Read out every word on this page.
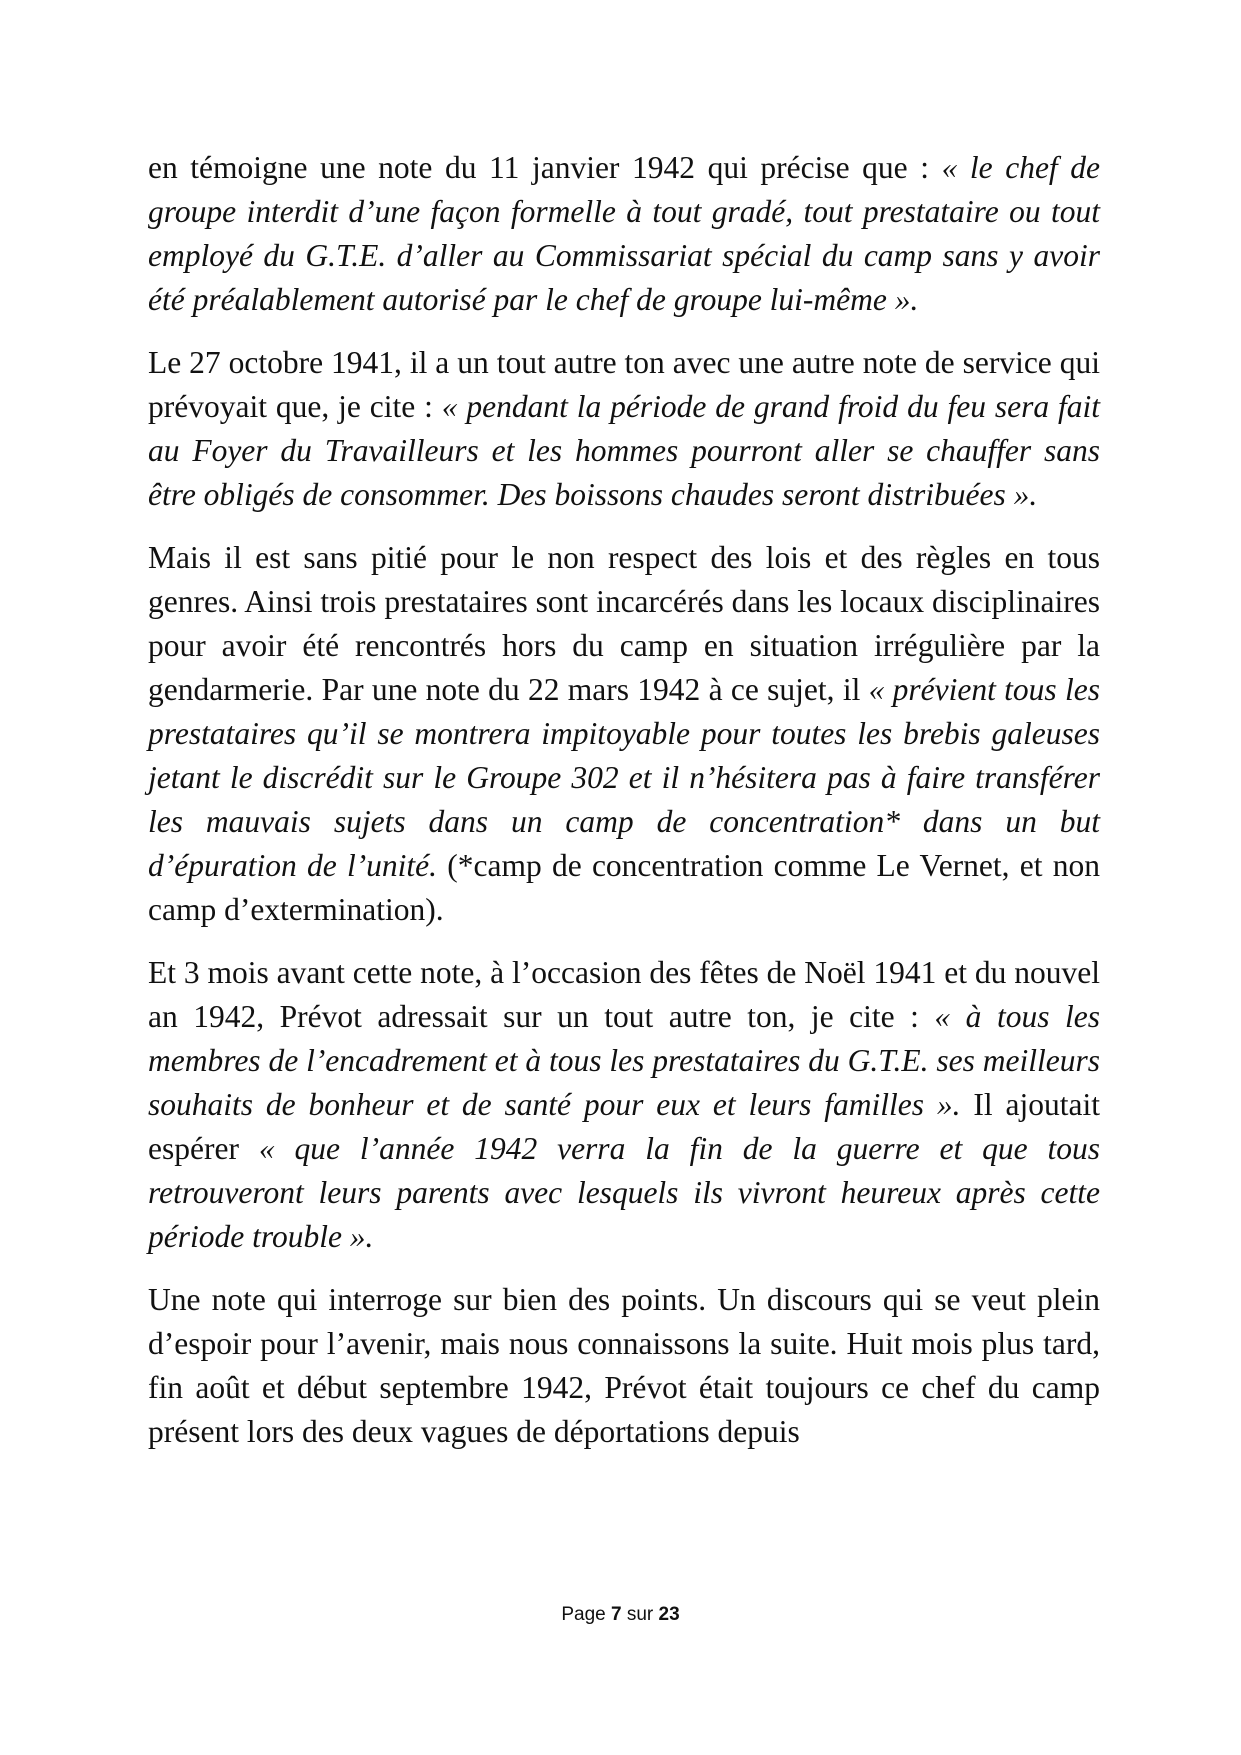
en témoigne une note du 11 janvier 1942 qui précise que : « le chef de groupe interdit d’une façon formelle à tout gradé, tout prestataire ou tout employé du G.T.E. d’aller au Commissariat spécial du camp sans y avoir été préalablement autorisé par le chef de groupe lui-même ».

Le 27 octobre 1941, il a un tout autre ton avec une autre note de service qui prévoyait que, je cite : « pendant la période de grand froid du feu sera fait au Foyer du Travailleurs et les hommes pourront aller se chauffer sans être obligés de consommer. Des boissons chaudes seront distribuées ».

Mais il est sans pitié pour le non respect des lois et des règles en tous genres. Ainsi trois prestataires sont incarcérés dans les locaux disciplinaires pour avoir été rencontrés hors du camp en situation irrégulière par la gendarmerie. Par une note du 22 mars 1942 à ce sujet, il « prévient tous les prestataires qu’il se montrera impitoyable pour toutes les brebis galeuses jetant le discrédit sur le Groupe 302 et il n’hésitera pas à faire transférer les mauvais sujets dans un camp de concentration* dans un but d’épuration de l’unité. (*camp de concentration comme Le Vernet, et non camp d’extermination).

Et 3 mois avant cette note, à l’occasion des fêtes de Noël 1941 et du nouvel an 1942, Prévot adressait sur un tout autre ton, je cite : « à tous les membres de l’encadrement et à tous les prestataires du G.T.E. ses meilleurs souhaits de bonheur et de santé pour eux et leurs familles ». Il ajoutait espérer « que l’année 1942 verra la fin de la guerre et que tous retrouveront leurs parents avec lesquels ils vivront heureux après cette période trouble ».

Une note qui interroge sur bien des points. Un discours qui se veut plein d’espoir pour l’avenir, mais nous connaissons la suite. Huit mois plus tard, fin août et début septembre 1942, Prévot était toujours ce chef du camp présent lors des deux vagues de déportations depuis

Page 7 sur 23
